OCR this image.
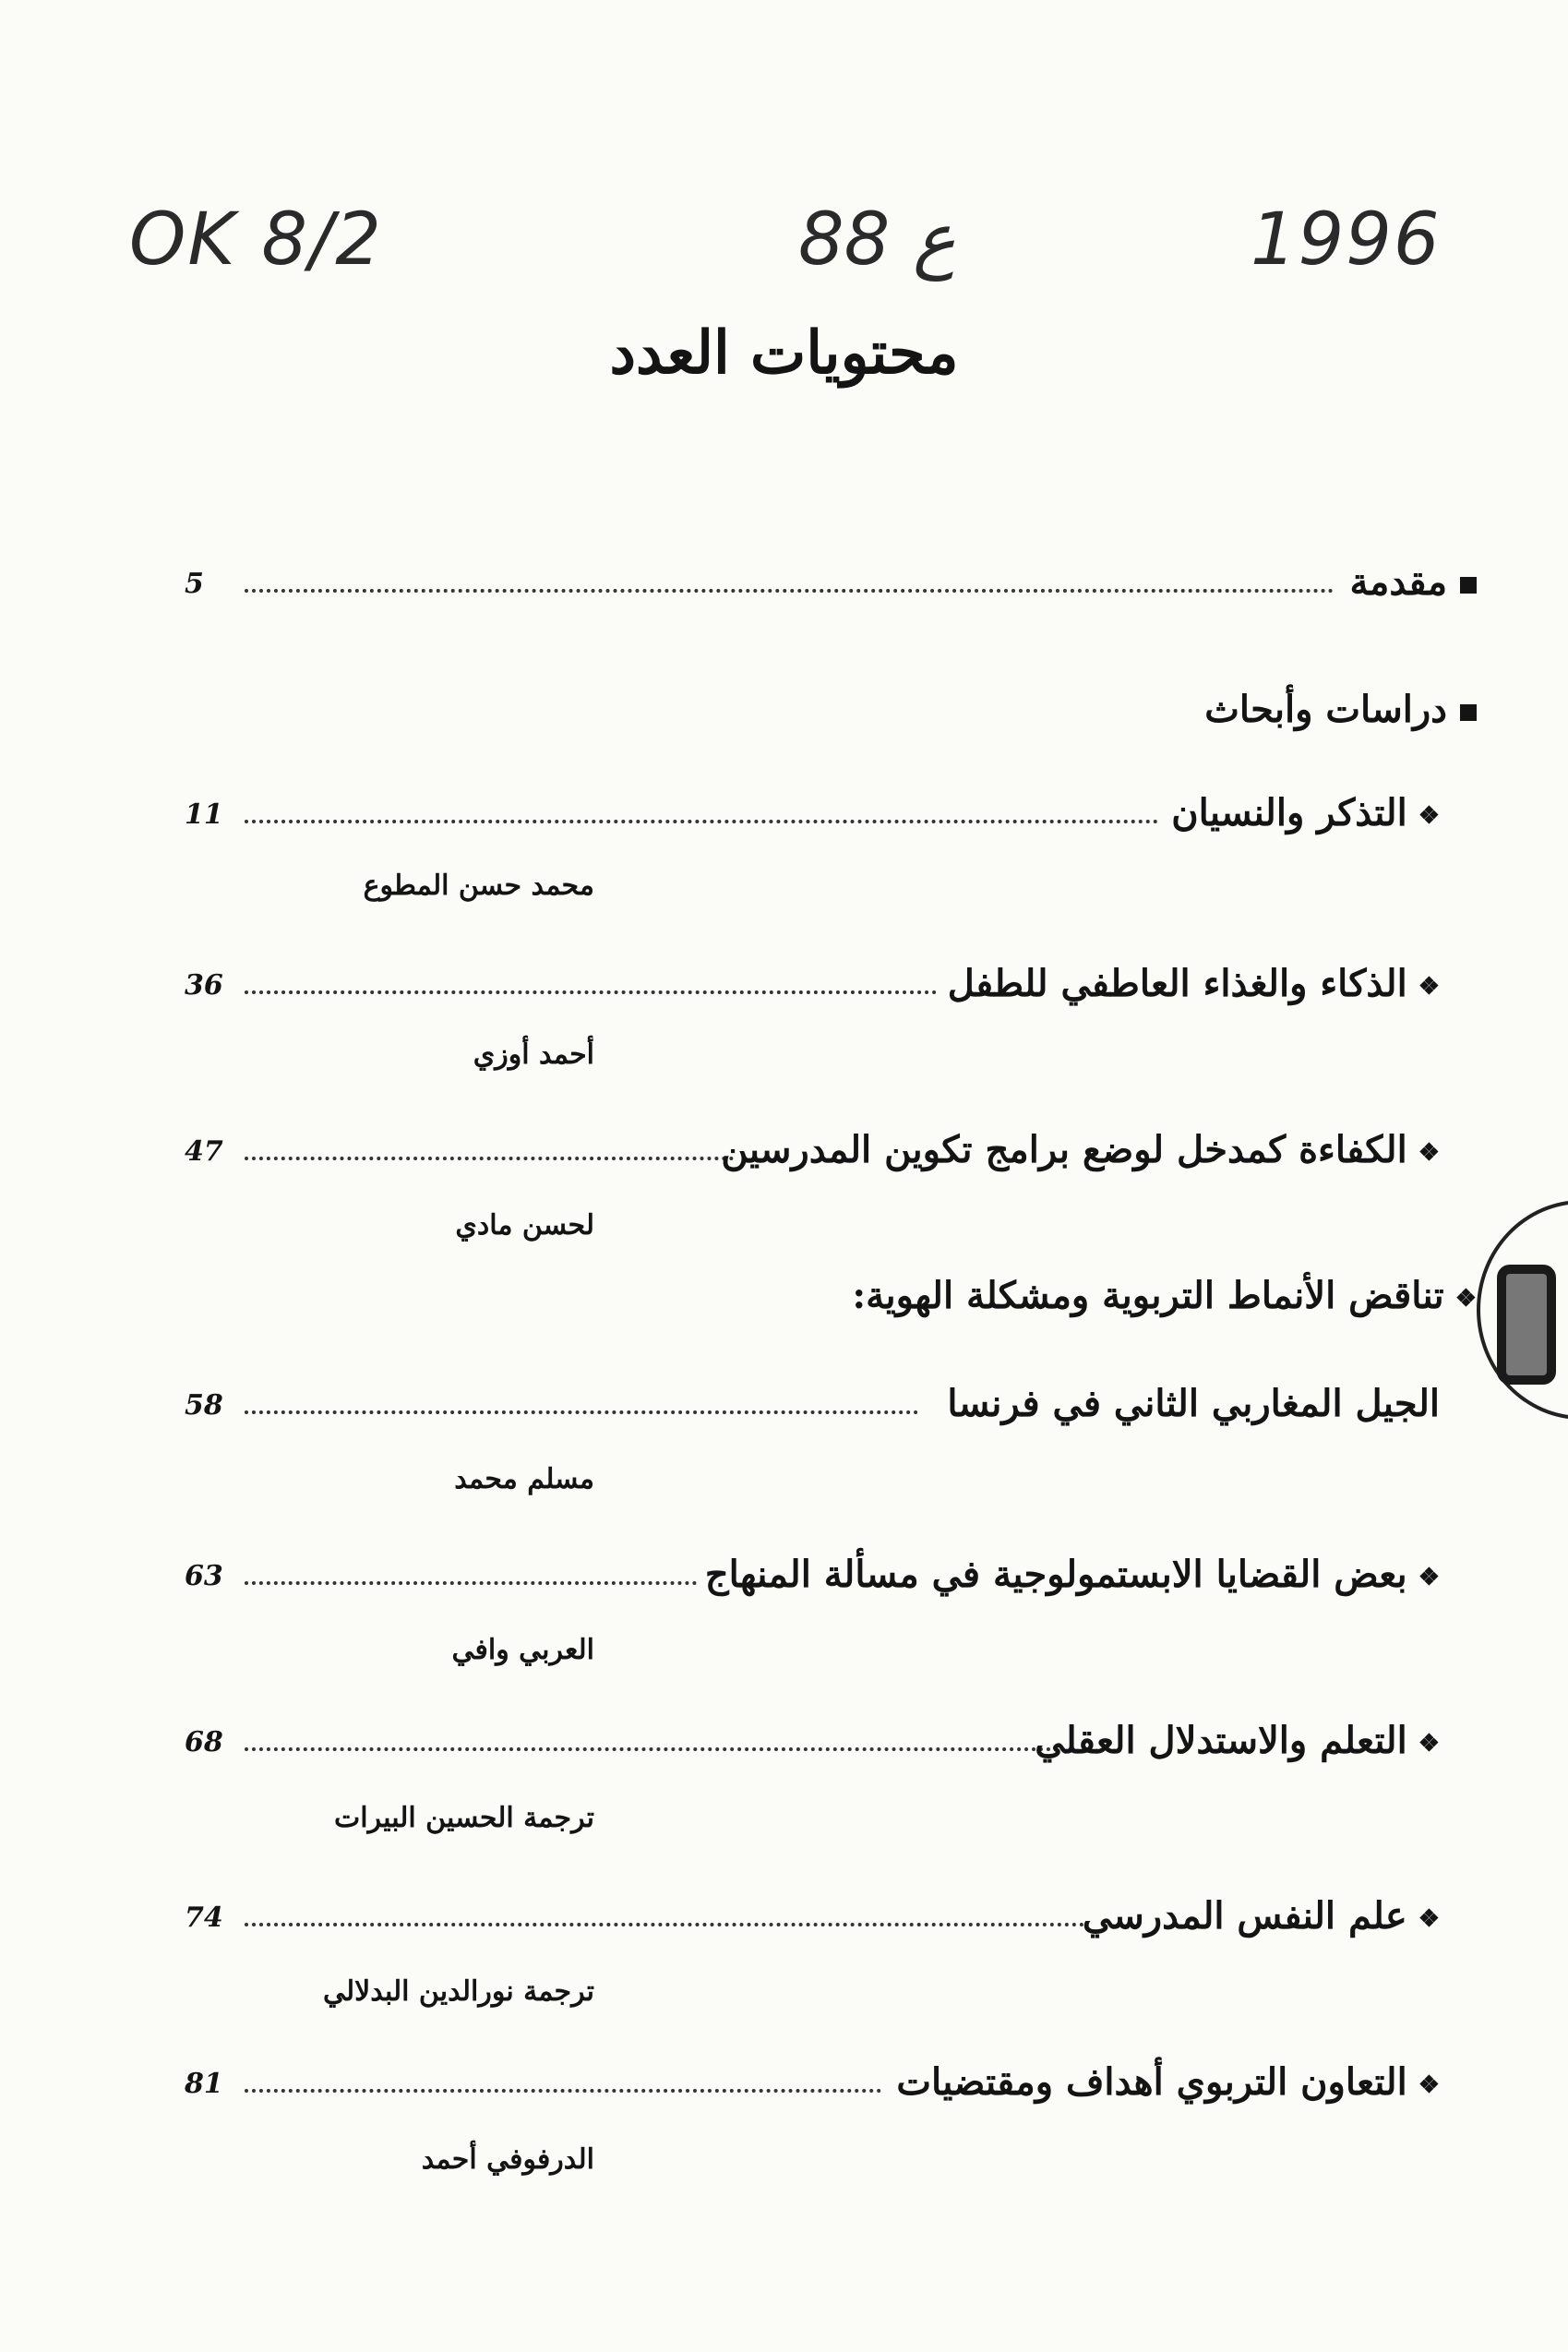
OK 8/2	88 ع	1996
محتويات العدد
5	مقدمة
دراسات وأبحاث
11	❖التذكر والنسيان
محمد حسن المطوع
36	❖الذكاء والغذاء العاطفي للطفل
أحمد أوزي
47	❖الكفاءة كمدخل لوضع برامج تكوين المدرسين
لحسن مادي
❖تناقض الأنماط التربوية ومشكلة الهوية:
58	الجيل المغاربي الثاني في فرنسا
مسلم محمد
63	❖بعض القضايا الابستمولوجية في مسألة المنهاج
العربي وافي
68	❖التعلم والاستدلال العقلي
ترجمة الحسين البيرات
74	❖علم النفس المدرسي
ترجمة نورالدين البدلالي
81	❖التعاون التربوي أهداف ومقتضيات
الدرفوفي أحمد
